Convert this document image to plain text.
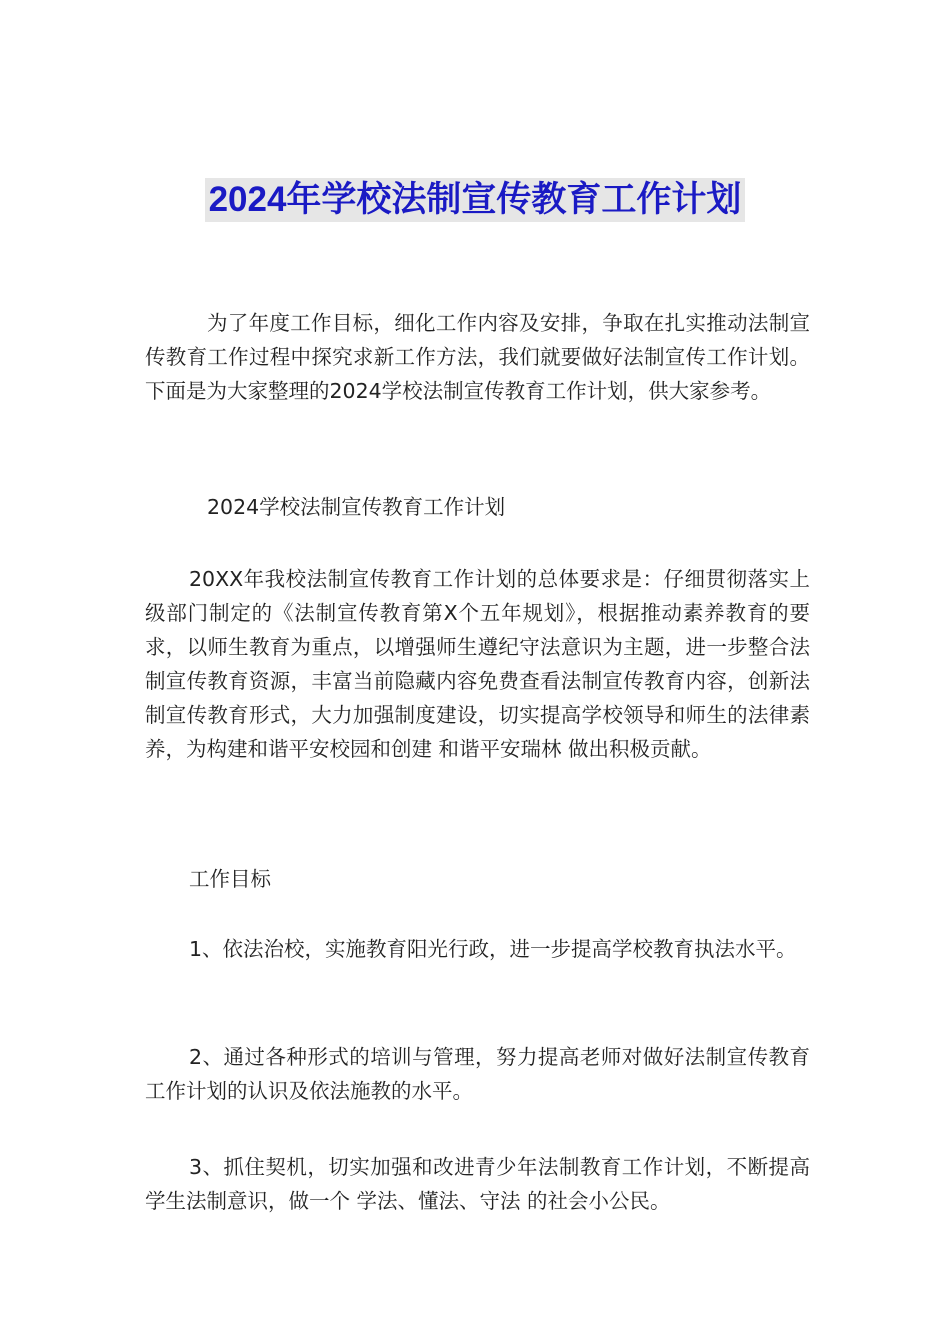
2024年学校法制宣传教育工作计划

为了年度工作目标，细化工作内容及安排，争取在扎实推动法制宣传教育工作过程中探究求新工作方法，我们就要做好法制宣传工作计划。下面是为大家整理的2024学校法制宣传教育工作计划，供大家参考。

2024学校法制宣传教育工作计划

20XX年我校法制宣传教育工作计划的总体要求是：仔细贯彻落实上级部门制定的《法制宣传教育第X个五年规划》，根据推动素养教育的要求，以师生教育为重点，以增强师生遵纪守法意识为主题，进一步整合法制宣传教育资源，丰富当前隐藏内容免费查看法制宣传教育内容，创新法制宣传教育形式，大力加强制度建设，切实提高学校领导和师生的法律素养，为构建和谐平安校园和创建 和谐平安瑞林 做出积极贡献。

工作目标

1、依法治校，实施教育阳光行政，进一步提高学校教育执法水平。

2、通过各种形式的培训与管理，努力提高老师对做好法制宣传教育工作计划的认识及依法施教的水平。

3、抓住契机，切实加强和改进青少年法制教育工作计划，不断提高学生法制意识，做一个 学法、懂法、守法 的社会小公民。
